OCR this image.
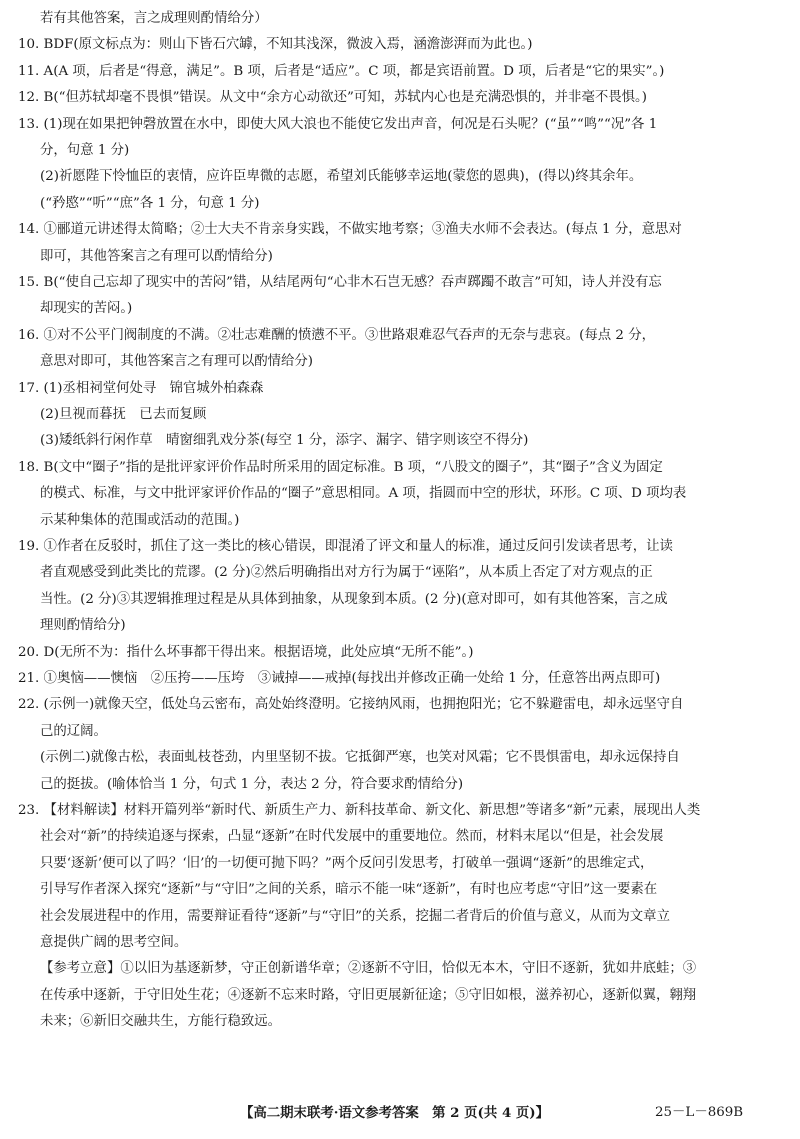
若有其他答案，言之成理则酌情给分）
10. BDF(原文标点为：则山下皆石穴罅，不知其浅深，微波入焉，涵澹澎湃而为此也。)
11. A(A 项，后者是“得意，满足”。B 项，后者是“适应”。C 项，都是宾语前置。D 项，后者是“它的果实”。)
12. B(“但苏轼却毫不畏惧”错误。从文中“余方心动欲还”可知，苏轼内心也是充满恐惧的，并非毫不畏惧。)
13. (1)现在如果把钟磬放置在水中，即使大风大浪也不能使它发出声音，何况是石头呢？(“虽”“鸣”“况”各 1
分，句意 1 分)
(2)祈愿陛下怜恤臣的衷情，应许臣卑微的志愿，希望刘氏能够幸运地(蒙您的恩典)，(得以)终其余年。
(“矜愍”“听”“庶”各 1 分，句意 1 分)
14. ①郦道元讲述得太简略；②士大夫不肯亲身实践，不做实地考察；③渔夫水师不会表达。(每点 1 分，意思对
即可，其他答案言之有理可以酌情给分)
15. B(“使自己忘却了现实中的苦闷”错，从结尾两句“心非木石岂无感？吞声踯躅不敢言”可知，诗人并没有忘
却现实的苦闷。)
16. ①对不公平门阀制度的不满。②壮志难酬的愤懑不平。③世路艰难忍气吞声的无奈与悲哀。(每点 2 分，
意思对即可，其他答案言之有理可以酌情给分)
17. (1)丞相祠堂何处寻　锦官城外柏森森
(2)旦视而暮抚　已去而复顾
(3)矮纸斜行闲作草　晴窗细乳戏分茶(每空 1 分，添字、漏字、错字则该空不得分)
18. B(文中“圈子”指的是批评家评价作品时所采用的固定标准。B 项，“八股文的圈子”，其“圈子”含义为固定
的模式、标准，与文中批评家评价作品的“圈子”意思相同。A 项，指圆而中空的形状，环形。C 项、D 项均表
示某种集体的范围或活动的范围。)
19. ①作者在反驳时，抓住了这一类比的核心错误，即混淆了评文和量人的标准，通过反问引发读者思考，让读
者直观感受到此类比的荒谬。(2 分)②然后明确指出对方行为属于“诬陷”，从本质上否定了对方观点的正
当性。(2 分)③其逻辑推理过程是从具体到抽象，从现象到本质。(2 分)(意对即可，如有其他答案，言之成
理则酌情给分)
20. D(无所不为：指什么坏事都干得出来。根据语境，此处应填“无所不能”。)
21. ①奥恼——懊恼　②压挎——压垮　③诫掉——戒掉(每找出并修改正确一处给 1 分，任意答出两点即可)
22. (示例一)就像天空，低处乌云密布，高处始终澄明。它接纳风雨，也拥抱阳光；它不躲避雷电，却永远坚守自
己的辽阔。
(示例二)就像古松，表面虬枝苍劲，内里坚韧不拔。它抵御严寒，也笑对风霜；它不畏惧雷电，却永远保持自
己的挺拔。(喻体恰当 1 分，句式 1 分，表达 2 分，符合要求酌情给分)
23. 【材料解读】材料开篇列举“新时代、新质生产力、新科技革命、新文化、新思想”等诸多“新”元素，展现出人类
社会对“新”的持续追逐与探索，凸显“逐新”在时代发展中的重要地位。然而，材料末尾以“但是，社会发展
只要‘逐新’便可以了吗？‘旧’的一切便可抛下吗？”两个反问引发思考，打破单一强调“逐新”的思维定式，
引导写作者深入探究“逐新”与“守旧”之间的关系，暗示不能一味“逐新”，有时也应考虑“守旧”这一要素在
社会发展进程中的作用，需要辩证看待“逐新”与“守旧”的关系，挖掘二者背后的价值与意义，从而为文章立
意提供广阔的思考空间。
【参考立意】①以旧为基逐新梦，守正创新谱华章；②逐新不守旧，恰似无本木，守旧不逐新，犹如井底蛙；③
在传承中逐新，于守旧处生花；④逐新不忘来时路，守旧更展新征途；⑤守旧如根，滋养初心，逐新似翼，翱翔
未来；⑥新旧交融共生，方能行稳致远。
【高二期末联考·语文参考答案　第 2 页(共 4 页)】	25－L－869B
